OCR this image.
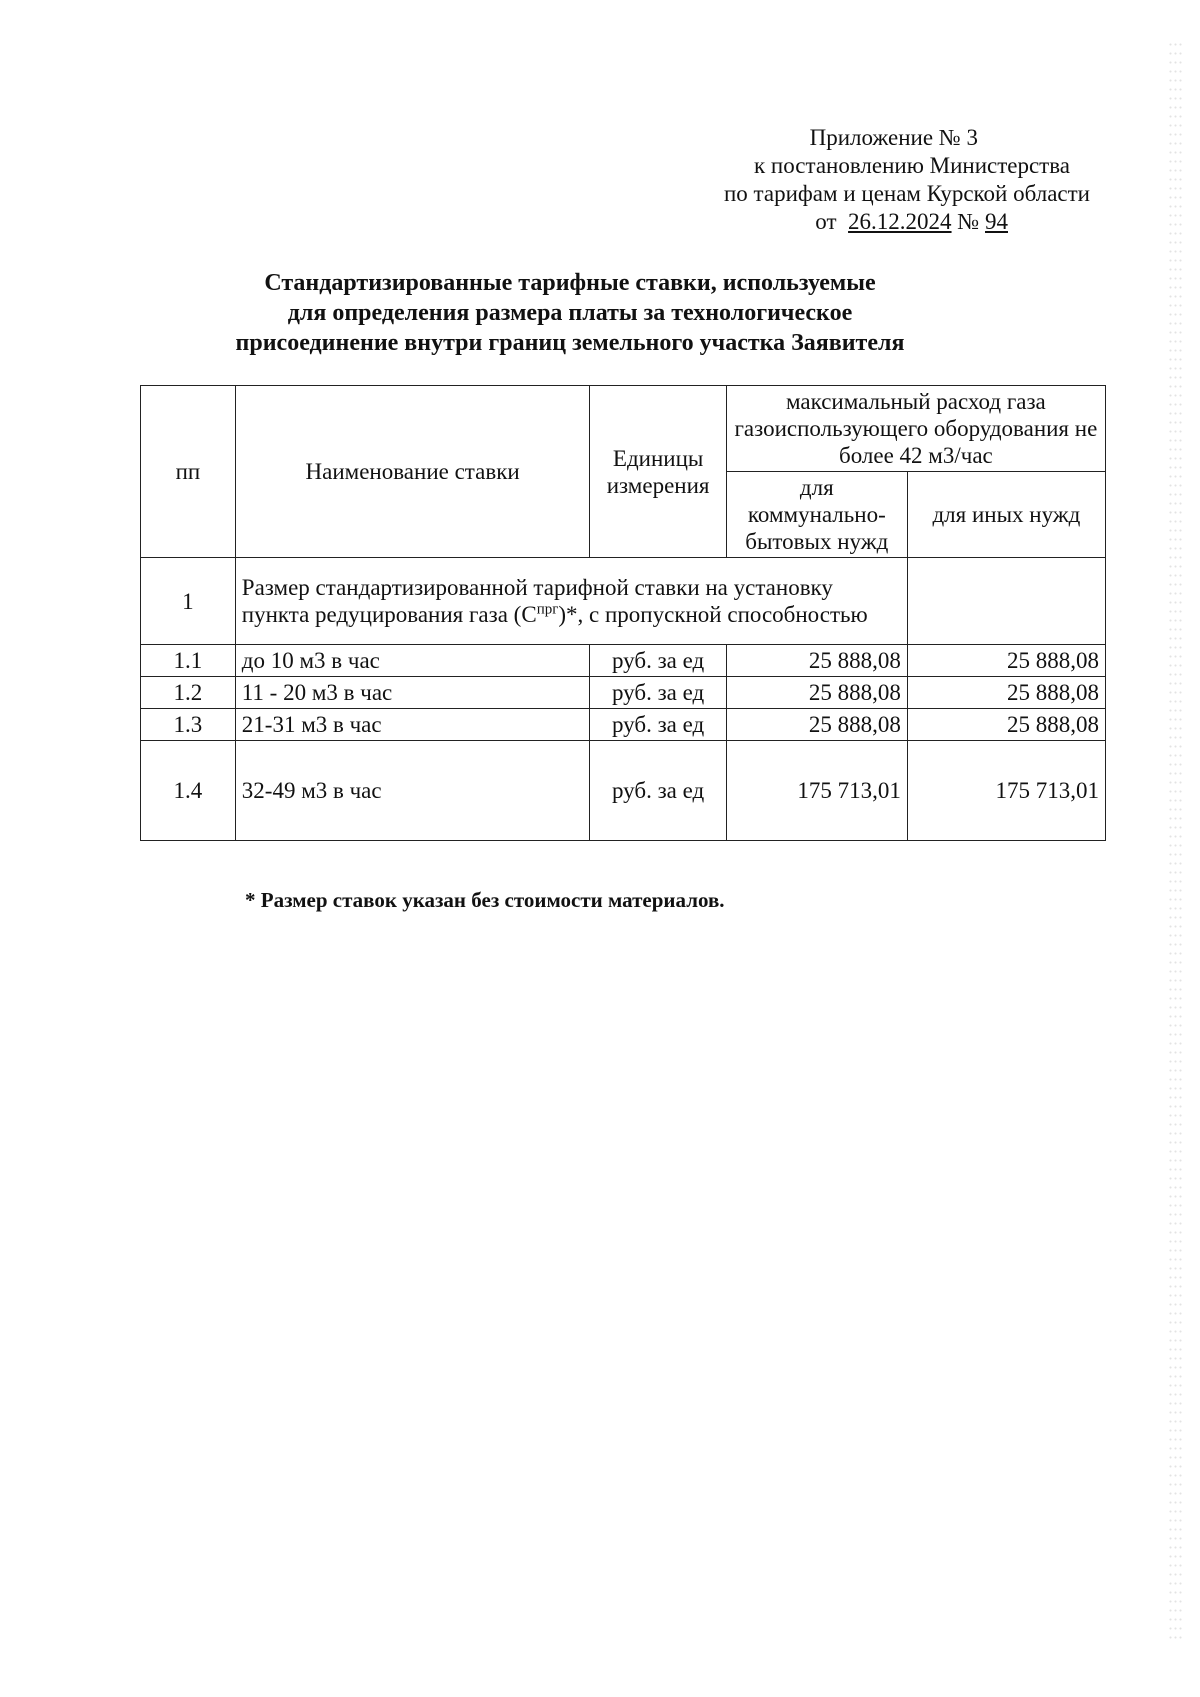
Приложение № 3
к постановлению Министерства
по тарифам и ценам Курской области
от 26.12.2024 № 94
Стандартизированные тарифные ставки, используемые
для определения размера платы за технологическое
присоединение внутри границ земельного участка Заявителя
пп	Наименование ставки	Единицы измерения	максимальный расход газа газоиспользующего оборудования не более 42 м3/час	
			для коммунально-бытовых нужд	для иных нужд
1	Размер стандартизированной тарифной ставки на установку пункта редуцирования газа $(С^{прг})*$, с пропускной способностью			
1.1	до 10 м3 в час	руб. за ед	25 888,08	25 888,08
1.2	11 - 20 м3 в час	руб. за ед	25 888,08	25 888,08
1.3	21-31 м3 в час	руб. за ед	25 888,08	25 888,08
1.4	32-49 м3 в час	руб. за ед	175 713,01	175 713,01
* Размер ставок указан без стоимости материалов.
